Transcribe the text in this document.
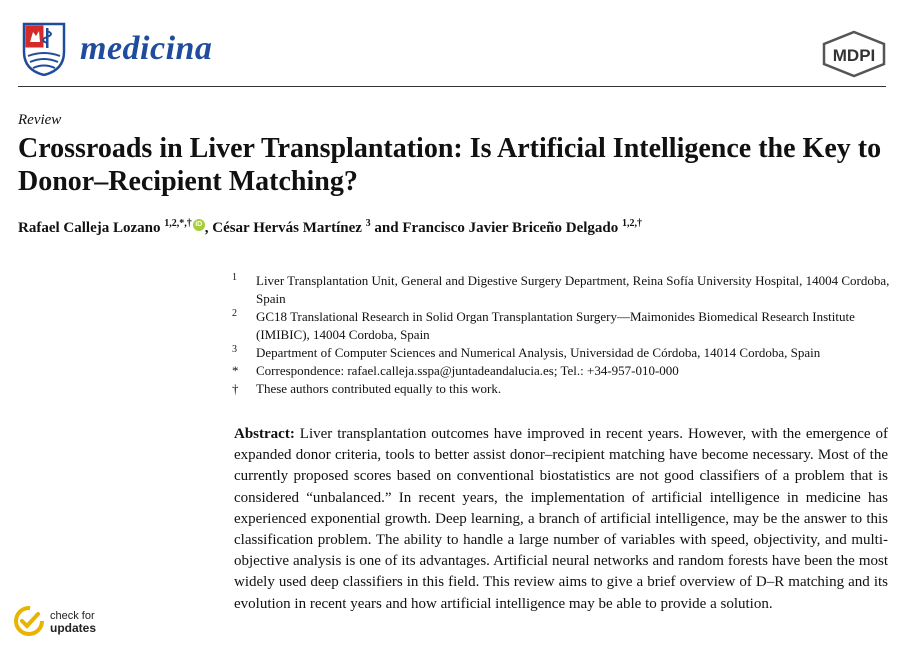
medicina	MDPI
Review
Crossroads in Liver Transplantation: Is Artificial Intelligence the Key to Donor–Recipient Matching?
Rafael Calleja Lozano $^{1,2,*,\dagger}$ iD , César Hervás Martínez $^3$ and Francisco Javier Briceño Delgado $^{1,2,\dagger}$
1	Liver Transplantation Unit, General and Digestive Surgery Department, Reina Sofía University Hospital, 14004 Cordoba, Spain
2	GC18 Translational Research in Solid Organ Transplantation Surgery—Maimonides Biomedical Research Institute (IMIBIC), 14004 Cordoba, Spain
3	Department of Computer Sciences and Numerical Analysis, Universidad de Córdoba, 14014 Cordoba, Spain
*	Correspondence: rafael.calleja.sspa@juntadeandalucia.es; Tel.: +34-957-010-000
†	These authors contributed equally to this work.

Abstract: Liver transplantation outcomes have improved in recent years. However, with the emergence of expanded donor criteria, tools to better assist donor–recipient matching have become necessary. Most of the currently proposed scores based on conventional biostatistics are not good classifiers of a problem that is considered “unbalanced.” In recent years, the implementation of artificial intelligence in medicine has experienced exponential growth. Deep learning, a branch of artificial intelligence, may be the answer to this classification problem. The ability to handle a large number of variables with speed, objectivity, and multi-objective analysis is one of its advantages. Artificial neural networks and random forests have been the most widely used deep classifiers in this field. This review aims to give a brief overview of D–R matching and its evolution in recent years and how artificial intelligence may be able to provide a solution.

check for
updates
